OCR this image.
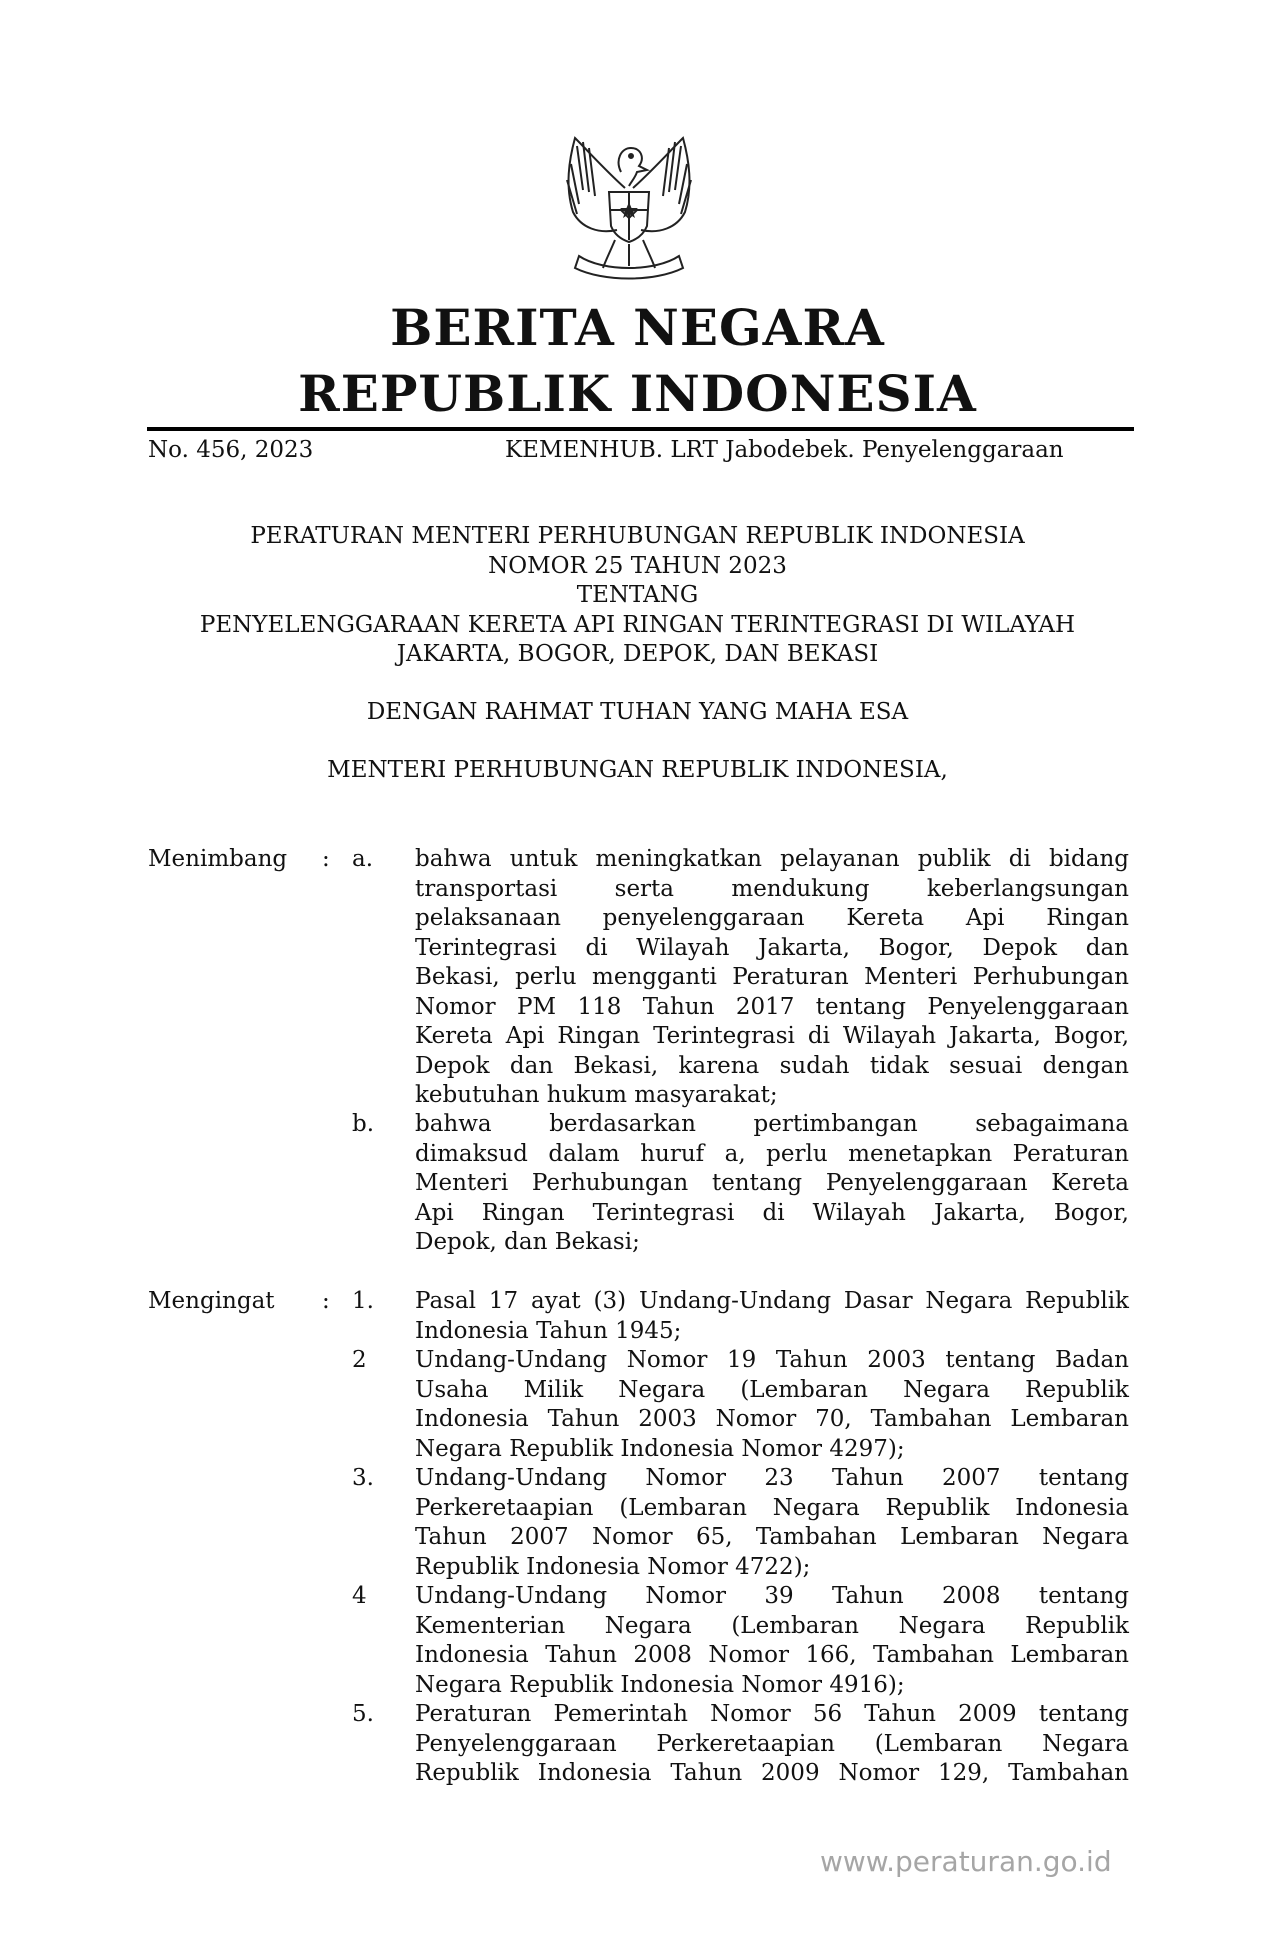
BERITA NEGARA
REPUBLIK INDONESIA
No. 456, 2023	KEMENHUB. LRT Jabodebek. Penyelenggaraan
PERATURAN MENTERI PERHUBUNGAN REPUBLIK INDONESIA
NOMOR 25 TAHUN 2023
TENTANG
PENYELENGGARAAN KERETA API RINGAN TERINTEGRASI DI WILAYAH
JAKARTA, BOGOR, DEPOK, DAN BEKASI
DENGAN RAHMAT TUHAN YANG MAHA ESA
MENTERI PERHUBUNGAN REPUBLIK INDONESIA,
Menimbang : a. bahwa untuk meningkatkan pelayanan publik di bidang
transportasi serta mendukung keberlangsungan
pelaksanaan penyelenggaraan Kereta Api Ringan
Terintegrasi di Wilayah Jakarta, Bogor, Depok dan
Bekasi, perlu mengganti Peraturan Menteri Perhubungan
Nomor PM 118 Tahun 2017 tentang Penyelenggaraan
Kereta Api Ringan Terintegrasi di Wilayah Jakarta, Bogor,
Depok dan Bekasi, karena sudah tidak sesuai dengan
kebutuhan hukum masyarakat;
b. bahwa berdasarkan pertimbangan sebagaimana
dimaksud dalam huruf a, perlu menetapkan Peraturan
Menteri Perhubungan tentang Penyelenggaraan Kereta
Api Ringan Terintegrasi di Wilayah Jakarta, Bogor,
Depok, dan Bekasi;
Mengingat : 1. Pasal 17 ayat (3) Undang-Undang Dasar Negara Republik
Indonesia Tahun 1945;
2 Undang-Undang Nomor 19 Tahun 2003 tentang Badan
Usaha Milik Negara (Lembaran Negara Republik
Indonesia Tahun 2003 Nomor 70, Tambahan Lembaran
Negara Republik Indonesia Nomor 4297);
3. Undang-Undang Nomor 23 Tahun 2007 tentang
Perkeretaapian (Lembaran Negara Republik Indonesia
Tahun 2007 Nomor 65, Tambahan Lembaran Negara
Republik Indonesia Nomor 4722);
4 Undang-Undang Nomor 39 Tahun 2008 tentang
Kementerian Negara (Lembaran Negara Republik
Indonesia Tahun 2008 Nomor 166, Tambahan Lembaran
Negara Republik Indonesia Nomor 4916);
5. Peraturan Pemerintah Nomor 56 Tahun 2009 tentang
Penyelenggaraan Perkeretaapian (Lembaran Negara
Republik Indonesia Tahun 2009 Nomor 129, Tambahan
www.peraturan.go.id
